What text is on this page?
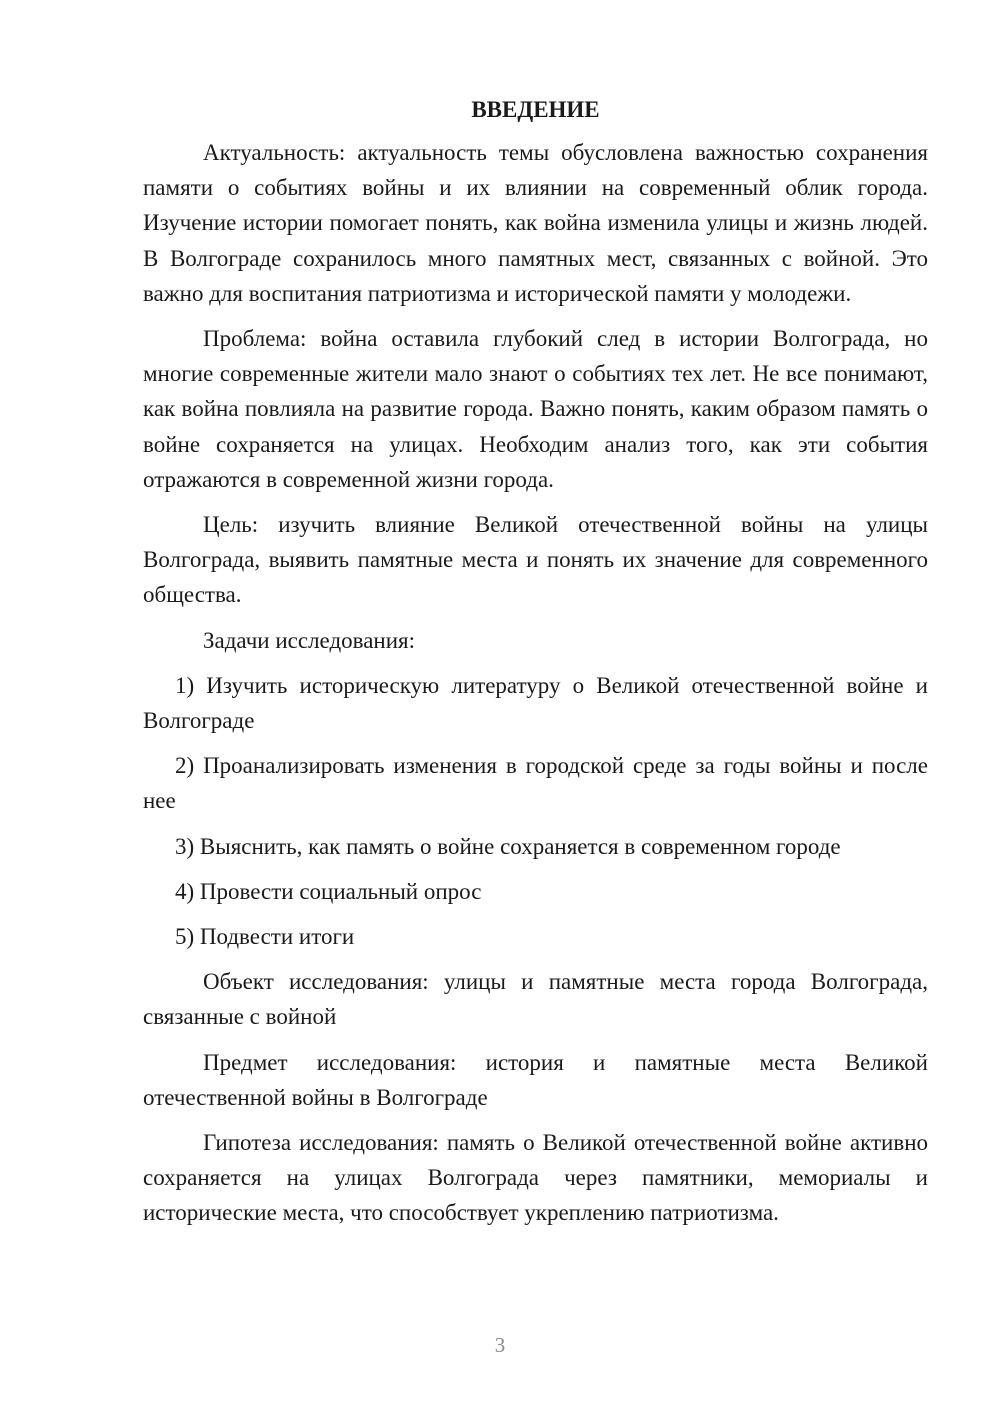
ВВЕДЕНИЕ

Актуальность: актуальность темы обусловлена важностью сохранения памяти о событиях войны и их влиянии на современный облик города. Изучение истории помогает понять, как война изменила улицы и жизнь людей. В Волгограде сохранилось много памятных мест, связанных с войной. Это важно для воспитания патриотизма и исторической памяти у молодежи.

Проблема: война оставила глубокий след в истории Волгограда, но многие современные жители мало знают о событиях тех лет. Не все понимают, как война повлияла на развитие города. Важно понять, каким образом память о войне сохраняется на улицах. Необходим анализ того, как эти события отражаются в современной жизни города.

Цель: изучить влияние Великой отечественной войны на улицы Волгограда, выявить памятные места и понять их значение для современного общества.

Задачи исследования:

1) Изучить историческую литературу о Великой отечественной войне и Волгограде

2) Проанализировать изменения в городской среде за годы войны и после нее

3) Выяснить, как память о войне сохраняется в современном городе

4) Провести социальный опрос

5) Подвести итоги

Объект исследования: улицы и памятные места города Волгограда, связанные с войной

Предмет исследования: история и памятные места Великой отечественной войны в Волгограде

Гипотеза исследования: память о Великой отечественной войне активно сохраняется на улицах Волгограда через памятники, мемориалы и исторические места, что способствует укреплению патриотизма.

3
